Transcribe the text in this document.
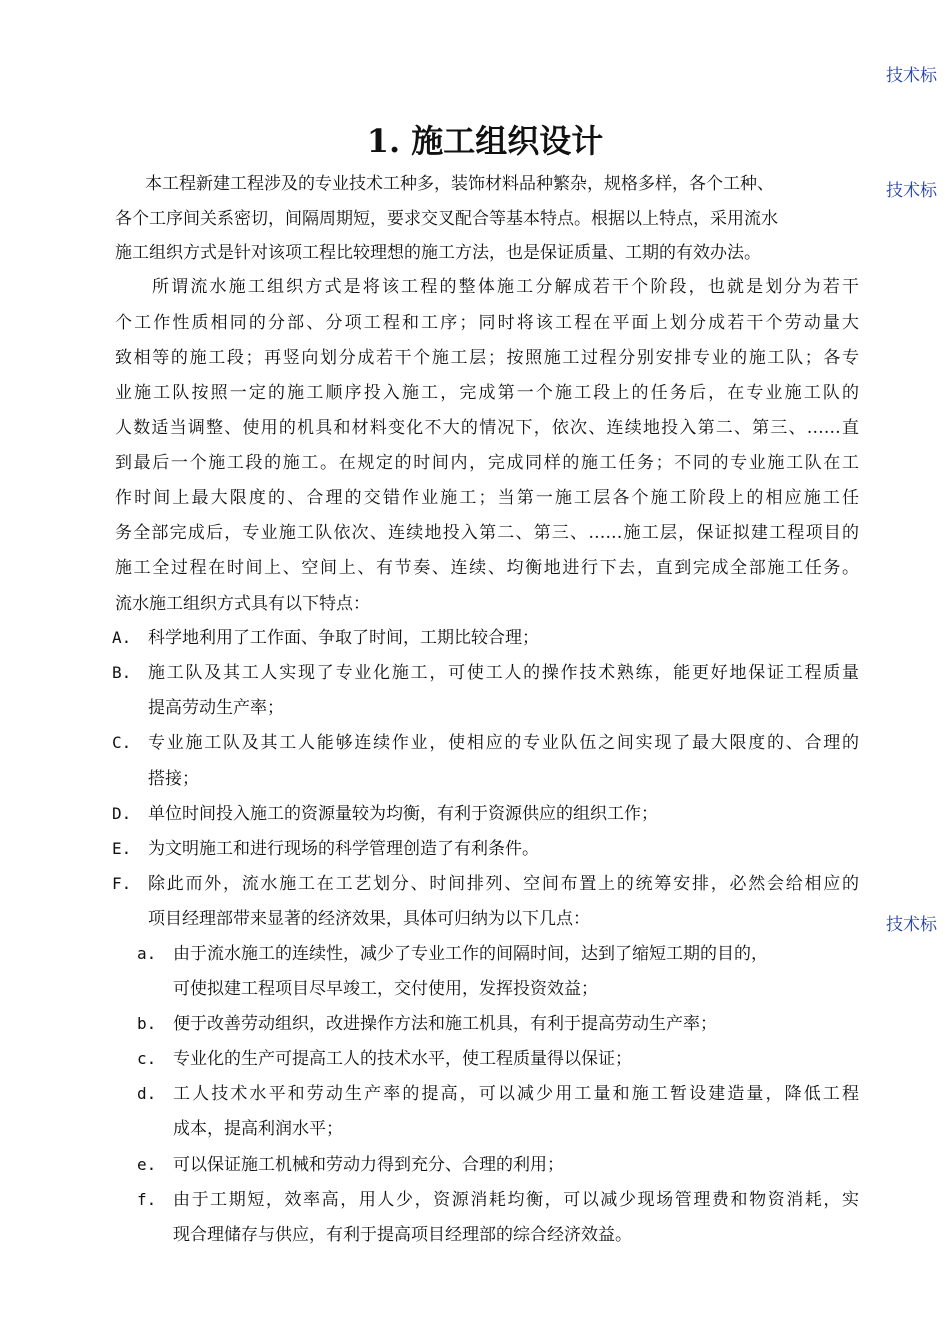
技术标
技术标
技术标
1. 施工组织设计
本工程新建工程涉及的专业技术工种多，装饰材料品种繁杂，规格多样，各个工种、
各个工序间关系密切，间隔周期短，要求交叉配合等基本特点。根据以上特点，采用流水
施工组织方式是针对该项工程比较理想的施工方法，也是保证质量、工期的有效办法。
所谓流水施工组织方式是将该工程的整体施工分解成若干个阶段，也就是划分为若干
个工作性质相同的分部、分项工程和工序；同时将该工程在平面上划分成若干个劳动量大
致相等的施工段；再竖向划分成若干个施工层；按照施工过程分别安排专业的施工队；各专
业施工队按照一定的施工顺序投入施工，完成第一个施工段上的任务后，在专业施工队的
人数适当调整、使用的机具和材料变化不大的情况下，依次、连续地投入第二、第三、……直
到最后一个施工段的施工。在规定的时间内，完成同样的施工任务；不同的专业施工队在工
作时间上最大限度的、合理的交错作业施工；当第一施工层各个施工阶段上的相应施工任
务全部完成后，专业施工队依次、连续地投入第二、第三、……施工层，保证拟建工程项目的
施工全过程在时间上、空间上、有节奏、连续、均衡地进行下去，直到完成全部施工任务。
流水施工组织方式具有以下特点：
A. 科学地利用了工作面、争取了时间，工期比较合理；
B. 施工队及其工人实现了专业化施工，可使工人的操作技术熟练，能更好地保证工程质量
提高劳动生产率；
C. 专业施工队及其工人能够连续作业，使相应的专业队伍之间实现了最大限度的、合理的
搭接；
D. 单位时间投入施工的资源量较为均衡，有利于资源供应的组织工作；
E. 为文明施工和进行现场的科学管理创造了有利条件。
F. 除此而外，流水施工在工艺划分、时间排列、空间布置上的统筹安排，必然会给相应的
项目经理部带来显著的经济效果，具体可归纳为以下几点：
a. 由于流水施工的连续性，减少了专业工作的间隔时间，达到了缩短工期的目的，
可使拟建工程项目尽早竣工，交付使用，发挥投资效益；
b. 便于改善劳动组织，改进操作方法和施工机具，有利于提高劳动生产率；
c. 专业化的生产可提高工人的技术水平，使工程质量得以保证；
d. 工人技术水平和劳动生产率的提高，可以减少用工量和施工暂设建造量，降低工程
成本，提高利润水平；
e. 可以保证施工机械和劳动力得到充分、合理的利用；
f. 由于工期短，效率高，用人少，资源消耗均衡，可以减少现场管理费和物资消耗，实
现合理储存与供应，有利于提高项目经理部的综合经济效益。
